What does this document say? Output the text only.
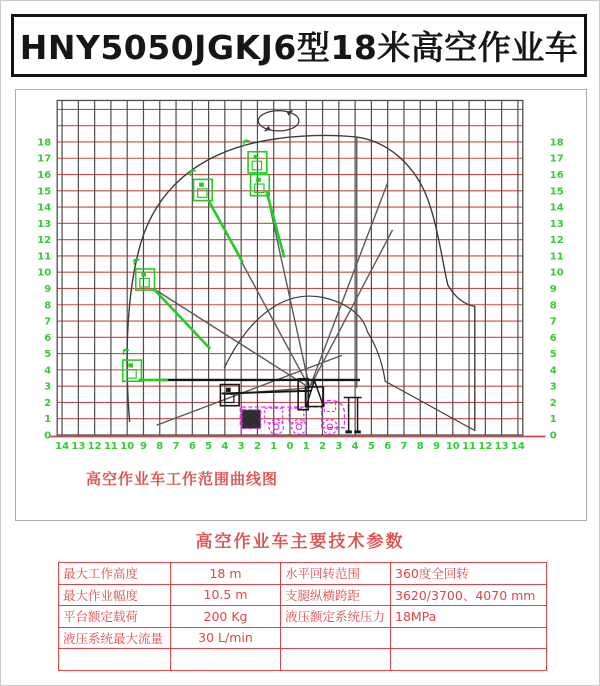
HNY5050JGKJ6型18米高空作业车
18
17
16
15
14
13
12
11
10
9
8
7
6
5
4
3
2
1
0
18
17
16
15
14
13
12
11
10
9
8
7
6
5
4
3
2
1
0
14 13 12 11 10 9 8 7 6 5 4 3 2 1 0 1 2 3 4 5 6 7 8 9 10 11 12 13 14
高空作业车工作范围曲线图
高空作业车主要技术参数
最大工作高度	18 m	水平回转范围	360度全回转
最大作业幅度	10.5 m	支腿纵横跨距	3620/3700、4070 mm
平台额定载荷	200 Kg	液压额定系统压力	18MPa
液压系统最大流量	30 L/min		
